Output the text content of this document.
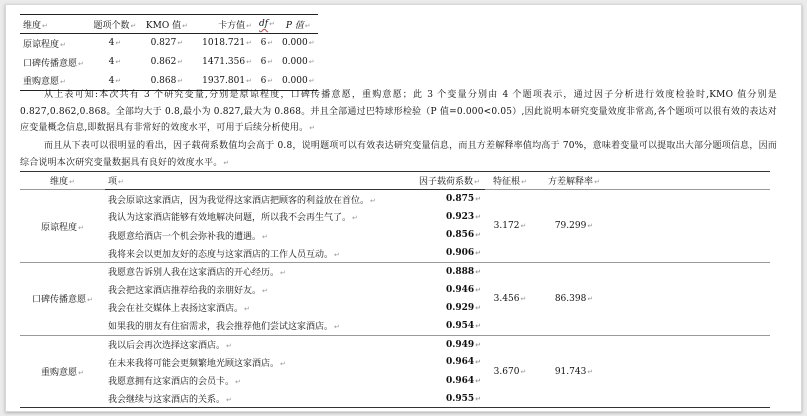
维度↵	题项个数↵	KMO 值↵	卡方值↵	df↵	P 值↵
原谅程度↵	4↵	0.827↵	1018.721↵	6↵	0.000↵
口碑传播意愿↵	4↵	0.862↵	1471.356↵	6↵	0.000↵
重购意愿↵	4↵	0.868↵	1937.801↵	6↵	0.000↵

从上表可知:本次共有 3 个研究变量,分别是原谅程度，口碑传播意愿，重购意愿；此 3 个变量分别由 4 个题项表示，通过因子分析进行效度检验时,KMO 值分别是0.827,0.862,0.868。全部均大于 0.8,最小为 0.827,最大为 0.868。并且全部通过巴特球形检验（P 值=0.000<0.05）,因此说明本研究变量效度非常高,各个题项可以很有效的表达对应变量概念信息,即数据具有非常好的效度水平，可用于后续分析使用。↵

而且从下表可以很明显的看出，因子载荷系数值均会高于 0.8，说明题项可以有效表达研究变量信息，而且方差解释率值均高于 70%，意味着变量可以提取出大部分题项信息，因而综合说明本次研究变量数据具有良好的效度水平。↵

维度↵	项↵	因子载荷系数↵	特征根↵	方差解释率↵	
原谅程度↵	我会原谅这家酒店，因为我觉得这家酒店把顾客的利益放在首位。↵	0.875↵	3.172↵	79.299↵	
	我认为这家酒店能够有效地解决问题，所以我不会再生气了。↵	0.923↵			
	我愿意给酒店一个机会弥补我的遭遇。↵	0.856↵			
	我将来会以更加友好的态度与这家酒店的工作人员互动。↵	0.906↵			
口碑传播意愿↵	我愿意告诉别人我在这家酒店的开心经历。↵	0.888↵	3.456↵	86.398↵	
	我会把这家酒店推荐给我的亲朋好友。↵	0.946↵			
	我会在社交媒体上表扬这家酒店。↵	0.929↵			
	如果我的朋友有住宿需求，我会推荐他们尝试这家酒店。↵	0.954↵			
重购意愿↵	我以后会再次选择这家酒店。↵	0.949↵	3.670↵	91.743↵	
	在未来我将可能会更频繁地光顾这家酒店。↵	0.964↵			
	我愿意拥有这家酒店的会员卡。↵	0.964↵			
	我会继续与这家酒店的关系。↵	0.955↵			
